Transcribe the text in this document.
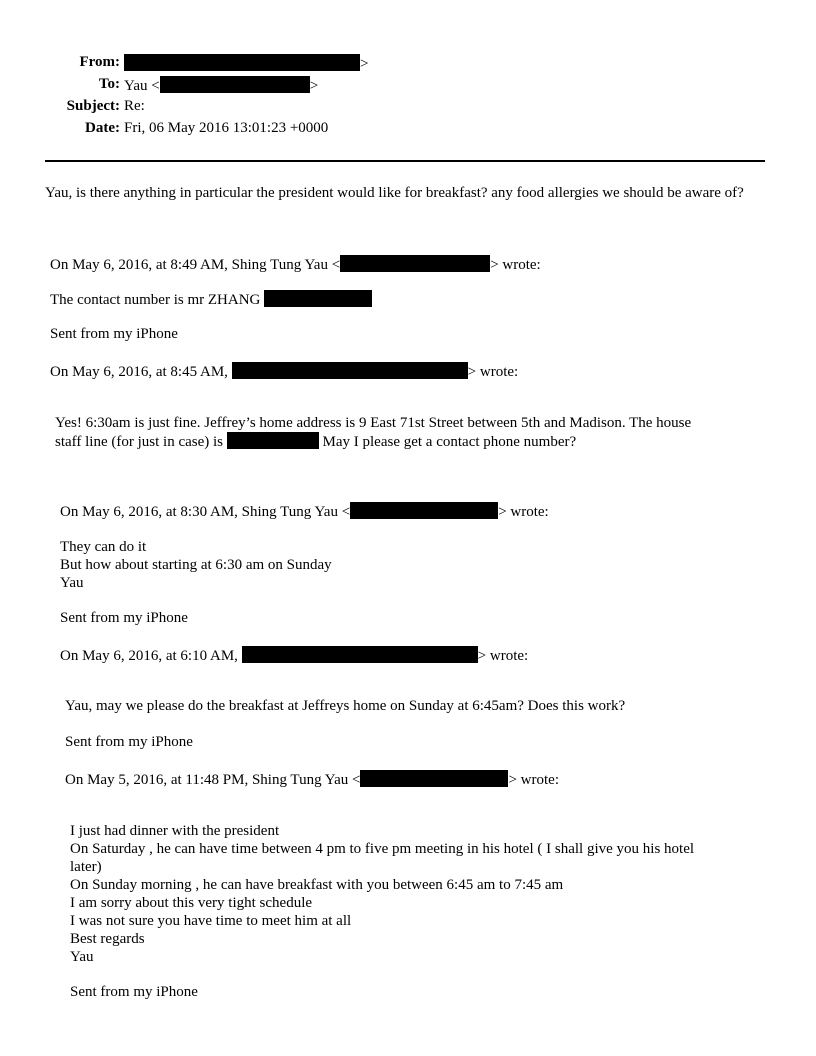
From:	>
To: Yau <	>
Subject: Re:
Date: Fri, 06 May 2016 13:01:23 +0000
Yau, is there anything in particular the president would like for breakfast? any food allergies we should be aware of?
On May 6, 2016, at 8:49 AM, Shing Tung Yau <	> wrote:
The contact number is mr ZHANG
Sent from my iPhone
On May 6, 2016, at 8:45 AM,	> wrote:
Yes! 6:30am is just fine. Jeffrey’s home address is 9 East 71st Street between 5th and Madison. The house
staff line (for just in case) is	May I please get a contact phone number?
On May 6, 2016, at 8:30 AM, Shing Tung Yau <	> wrote:
They can do it
But how about starting at 6:30 am on Sunday
Yau
Sent from my iPhone
On May 6, 2016, at 6:10 AM,	> wrote:
Yau, may we please do the breakfast at Jeffreys home on Sunday at 6:45am? Does this work?
Sent from my iPhone
On May 5, 2016, at 11:48 PM, Shing Tung Yau <	> wrote:
I just had dinner with the president
On Saturday , he can have time between 4 pm to five pm meeting in his hotel ( I shall give you his hotel
later)
On Sunday morning , he can have breakfast with you between 6:45 am to 7:45 am
I am sorry about this very tight schedule
I was not sure you have time to meet him at all
Best regards
Yau
Sent from my iPhone
